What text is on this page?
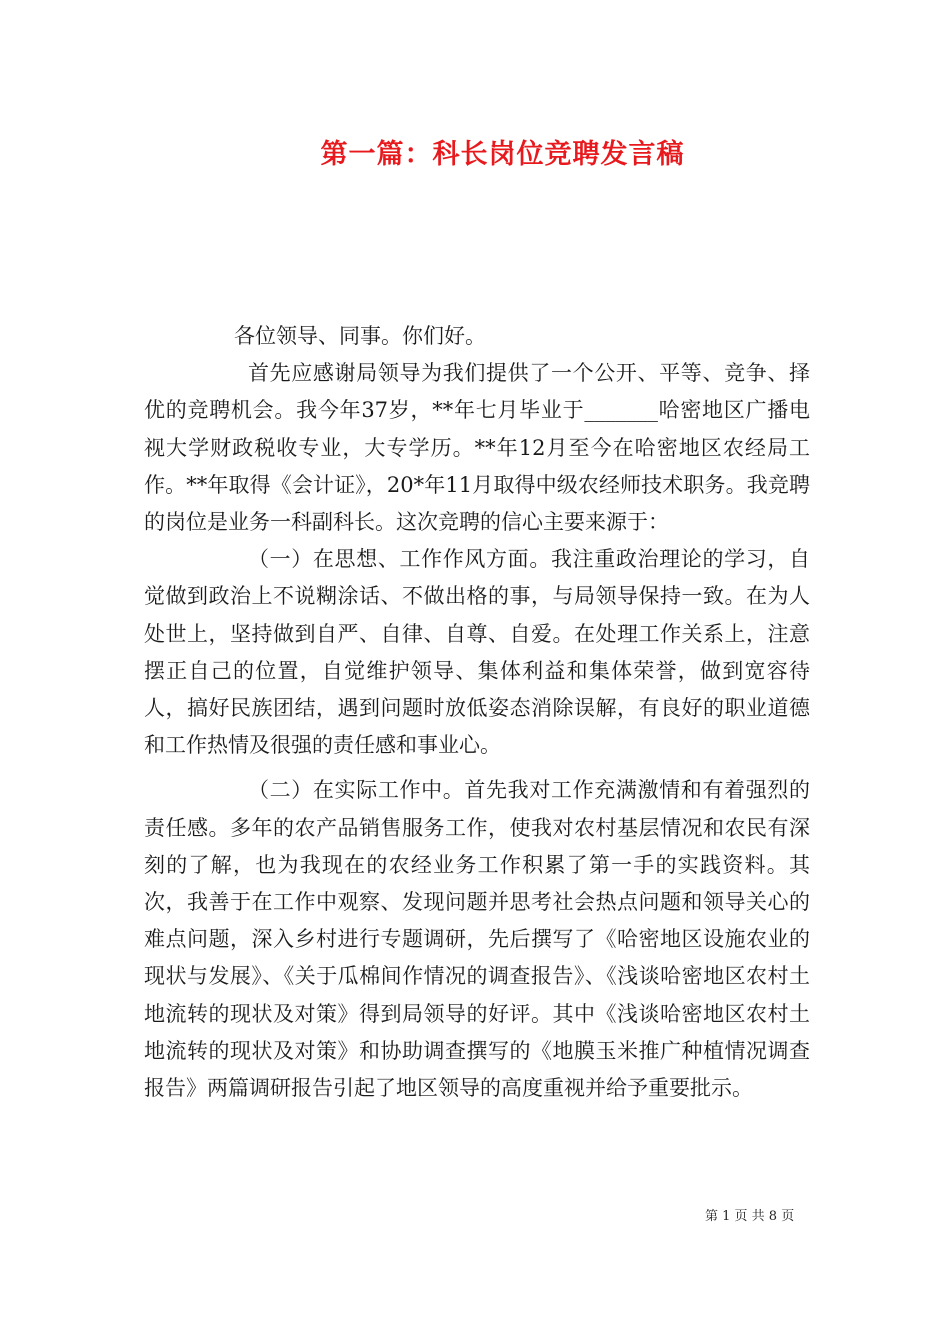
第一篇：科长岗位竞聘发言稿

各位领导、同事。你们好。

首先应感谢局领导为我们提供了一个公开、平等、竞争、择优的竞聘机会。我今年37岁，**年七月毕业于_______哈密地区广播电视大学财政税收专业，大专学历。**年12月至今在哈密地区农经局工作。**年取得《会计证》，20*年11月取得中级农经师技术职务。我竞聘的岗位是业务一科副科长。这次竞聘的信心主要来源于：

（一）在思想、工作作风方面。我注重政治理论的学习，自觉做到政治上不说糊涂话、不做出格的事，与局领导保持一致。在为人处世上，坚持做到自严、自律、自尊、自爱。在处理工作关系上，注意摆正自己的位置，自觉维护领导、集体利益和集体荣誉，做到宽容待人，搞好民族团结，遇到问题时放低姿态消除误解，有良好的职业道德和工作热情及很强的责任感和事业心。

（二）在实际工作中。首先我对工作充满激情和有着强烈的责任感。多年的农产品销售服务工作，使我对农村基层情况和农民有深刻的了解，也为我现在的农经业务工作积累了第一手的实践资料。其次，我善于在工作中观察、发现问题并思考社会热点问题和领导关心的难点问题，深入乡村进行专题调研，先后撰写了《哈密地区设施农业的现状与发展》、《关于瓜棉间作情况的调查报告》、《浅谈哈密地区农村土地流转的现状及对策》得到局领导的好评。其中《浅谈哈密地区农村土地流转的现状及对策》和协助调查撰写的《地膜玉米推广种植情况调查报告》两篇调研报告引起了地区领导的高度重视并给予重要批示。

第 1 页 共 8 页
